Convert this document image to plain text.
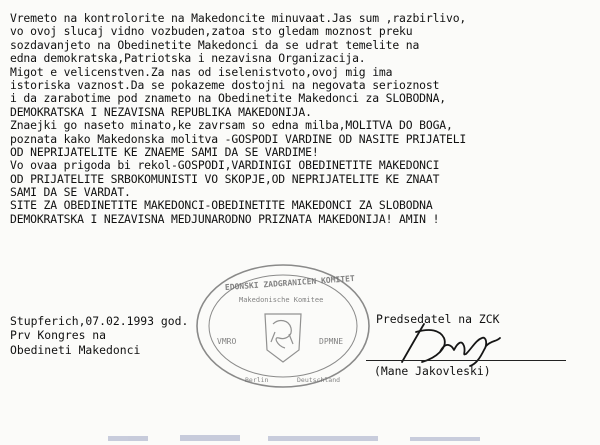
Vremeto na kontrolorite na Makedoncite minuvaat.Jas sum ,razbirlivo,
vo ovoj slucaj vidno vozbuden,zatoa sto gledam moznost preku
sozdavanjeto na Obedinetite Makedonci da se udrat temelite na
edna demokratska,Patriotska i nezavisna Organizacija.
Migot e velicenstven.Za nas od iselenistvoto,ovoj mig ima
istoriska vaznost.Da se pokazeme dostojni na negovata serioznost
i da zarabotime pod znameto na Obedinetite Makedonci za SLOBODNA,
DEMOKRATSKA I NEZAVISNA REPUBLIKA MAKEDONIJA.
Znaejki go naseto minato,ke zavrsam so edna milba,MOLITVA DO BOGA,
poznata kako Makedonska molitva -GOSPODI VARDINE OD NASITE PRIJATELI
OD NEPRIJATELITE KE ZNAEME SAMI DA SE VARDIME!
Vo ovaa prigoda bi rekol-GOSPODI,VARDINIGI OBEDINETITE MAKEDONCI
OD PRIJATELITE SRBOKOMUNISTI VO SKOPJE,OD NEPRIJATELITE KE ZNAAT
SAMI DA SE VARDAT.
SITE ZA OBEDINETITE MAKEDONCI-OBEDINETITE MAKEDONCI ZA SLOBODNA
DEMOKRATSKA I NEZAVISNA MEDJUNARODNO PRIZNATA MAKEDONIJA! AMIN !
Stupferich,07.02.1993 god.
Prv Kongres na
Obedineti Makedonci
EDONSKI ZADGRANICEN KOMITET
Makedonische Komitee
VMRO	DPMNE
Berlin	Deutschland
Predsedatel na ZCK
(Mane Jakovleski)
